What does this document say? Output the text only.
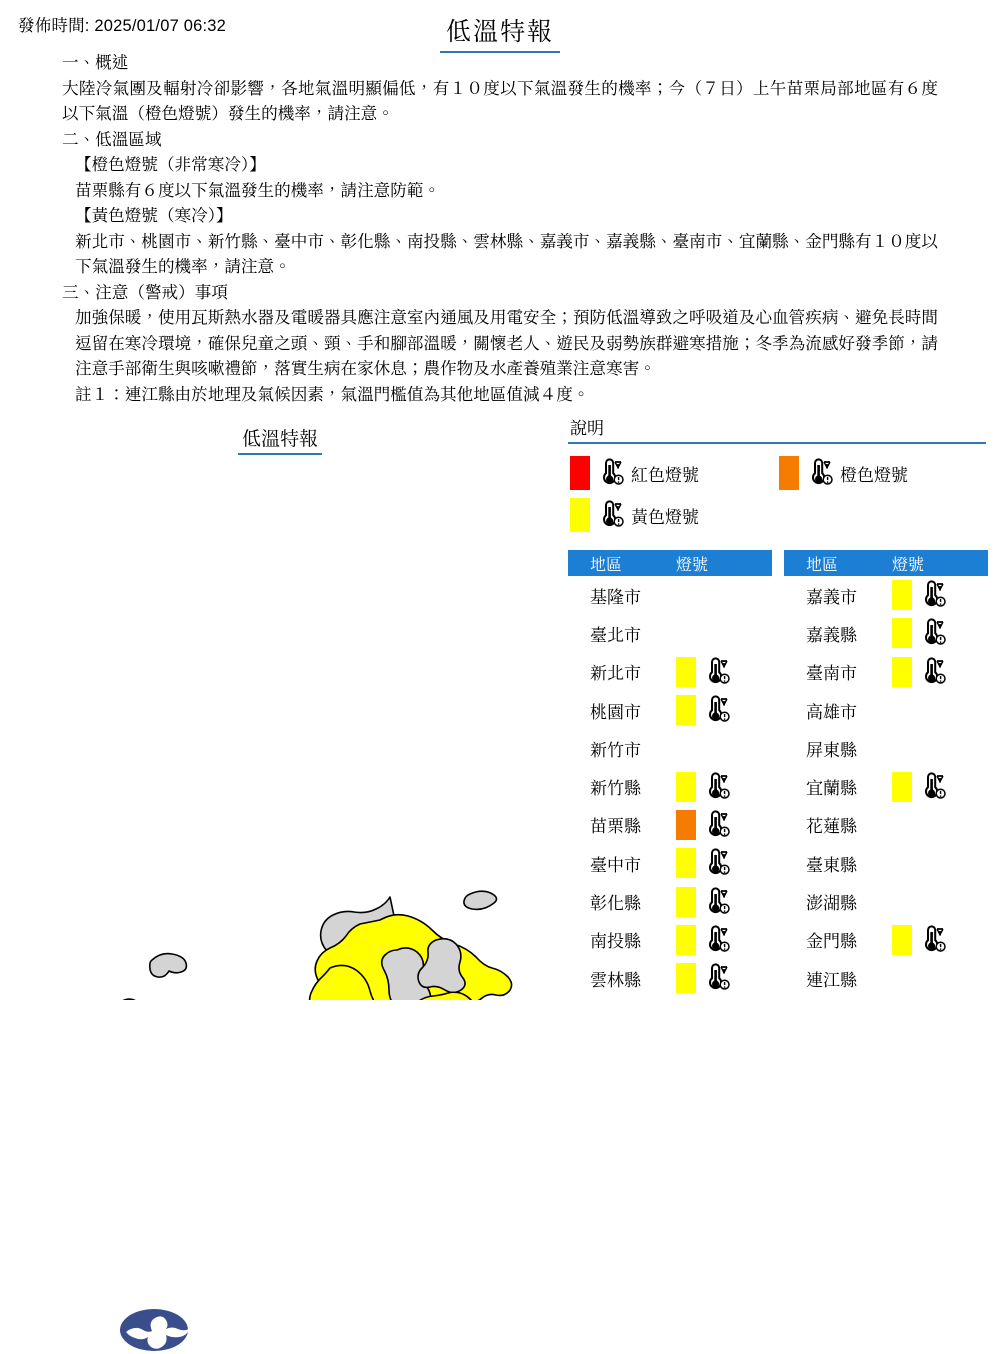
發佈時間: 2025/01/07 06:32	低溫特報
一、概述
大陸冷氣團及輻射冷卻影響，各地氣溫明顯偏低，有１０度以下氣溫發生的機率；今（７日）上午苗栗局部地區有６度以下氣溫（橙色燈號）發生的機率，請注意。
二、低溫區域
【橙色燈號（非常寒冷）】
苗栗縣有６度以下氣溫發生的機率，請注意防範。
【黃色燈號（寒冷）】
新北市、桃園市、新竹縣、臺中市、彰化縣、南投縣、雲林縣、嘉義市、嘉義縣、臺南市、宜蘭縣、金門縣有１０度以下氣溫發生的機率，請注意。
三、注意（警戒）事項
加強保暖，使用瓦斯熱水器及電暖器具應注意室內通風及用電安全；預防低溫導致之呼吸道及心血管疾病、避免長時間逗留在寒冷環境，確保兒童之頭、頸、手和腳部溫暖，關懷老人、遊民及弱勢族群避寒措施；冬季為流感好發季節，請注意手部衛生與咳嗽禮節，落實生病在家休息；農作物及水產養殖業注意寒害。
註１：連江縣由於地理及氣候因素，氣溫門檻值為其他地區值減４度。
低溫特報
說明
紅色燈號	橙色燈號
黃色燈號
地區	燈號
基隆市
臺北市
新北市
桃園市
新竹市
新竹縣
苗栗縣
臺中市
彰化縣
南投縣
雲林縣
地區	燈號
嘉義市
嘉義縣
臺南市
高雄市
屏東縣
宜蘭縣
花蓮縣
臺東縣
澎湖縣
金門縣
連江縣
